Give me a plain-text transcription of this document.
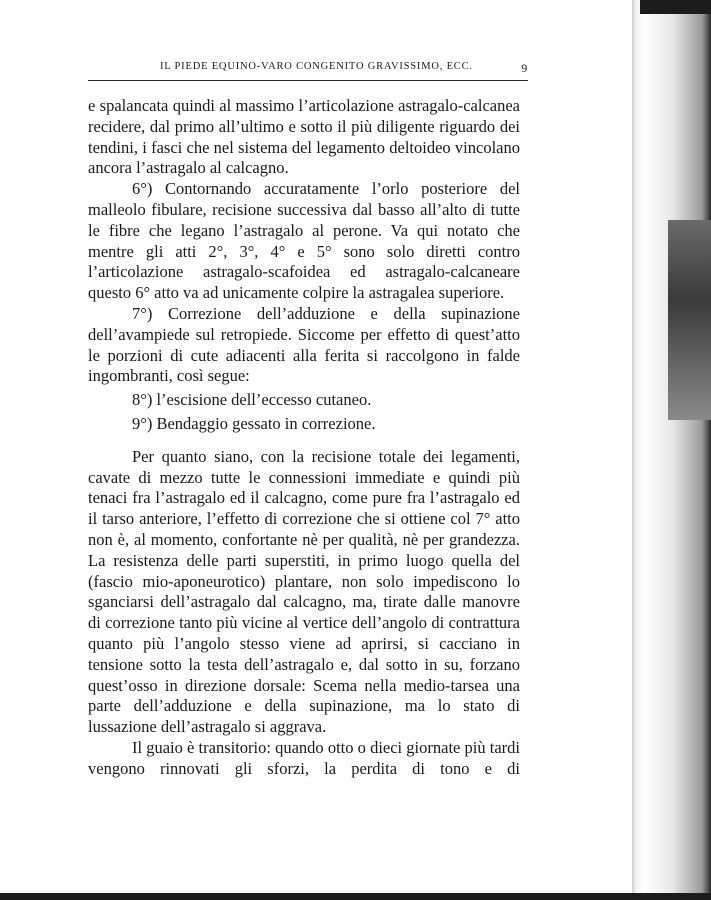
IL PIEDE EQUINO-VARO CONGENITO GRAVISSIMO, ECC.	9

e spalancata quindi al massimo l’articolazione astragalo-calcanea recidere, dal primo all’ultimo e sotto il più diligente riguardo dei tendini, i fasci che nel sistema del legamento deltoideo vincolano ancora l’astragalo al calcagno.

6°) Contornando accuratamente l’orlo posteriore del malleolo fibulare, recisione successiva dal basso all’alto di tutte le fibre che legano l’astragalo al perone. Va qui notato che mentre gli atti 2°, 3°, 4° e 5° sono solo diretti contro l’articolazione astragalo-scafoidea ed astragalo-calcaneare questo 6° atto va ad unicamente colpire la astragalea superiore.

7°) Correzione dell’adduzione e della supinazione dell’avampiede sul retropiede. Siccome per effetto di quest’atto le porzioni di cute adiacenti alla ferita si raccolgono in falde ingombranti, così segue:

8°) l’escisione dell’eccesso cutaneo.

9°) Bendaggio gessato in correzione.

Per quanto siano, con la recisione totale dei legamenti, cavate di mezzo tutte le connessioni immediate e quindi più tenaci fra l’astragalo ed il calcagno, come pure fra l’astragalo ed il tarso anteriore, l’effetto di correzione che si ottiene col 7° atto non è, al momento, confortante nè per qualità, nè per grandezza. La resistenza delle parti superstiti, in primo luogo quella del (fascio mio-aponeurotico) plantare, non solo impediscono lo sganciarsi dell’astragalo dal calcagno, ma, tirate dalle manovre di correzione tanto più vicine al vertice dell’angolo di contrattura quanto più l’angolo stesso viene ad aprirsi, si cacciano in tensione sotto la testa dell’astragalo e, dal sotto in su, forzano quest’osso in direzione dorsale: Scema nella medio-tarsea una parte dell’adduzione e della supinazione, ma lo stato di lussazione dell’astragalo si aggrava.

Il guaio è transitorio: quando otto o dieci giornate più tardi vengono rinnovati gli sforzi, la perdita di tono e di
